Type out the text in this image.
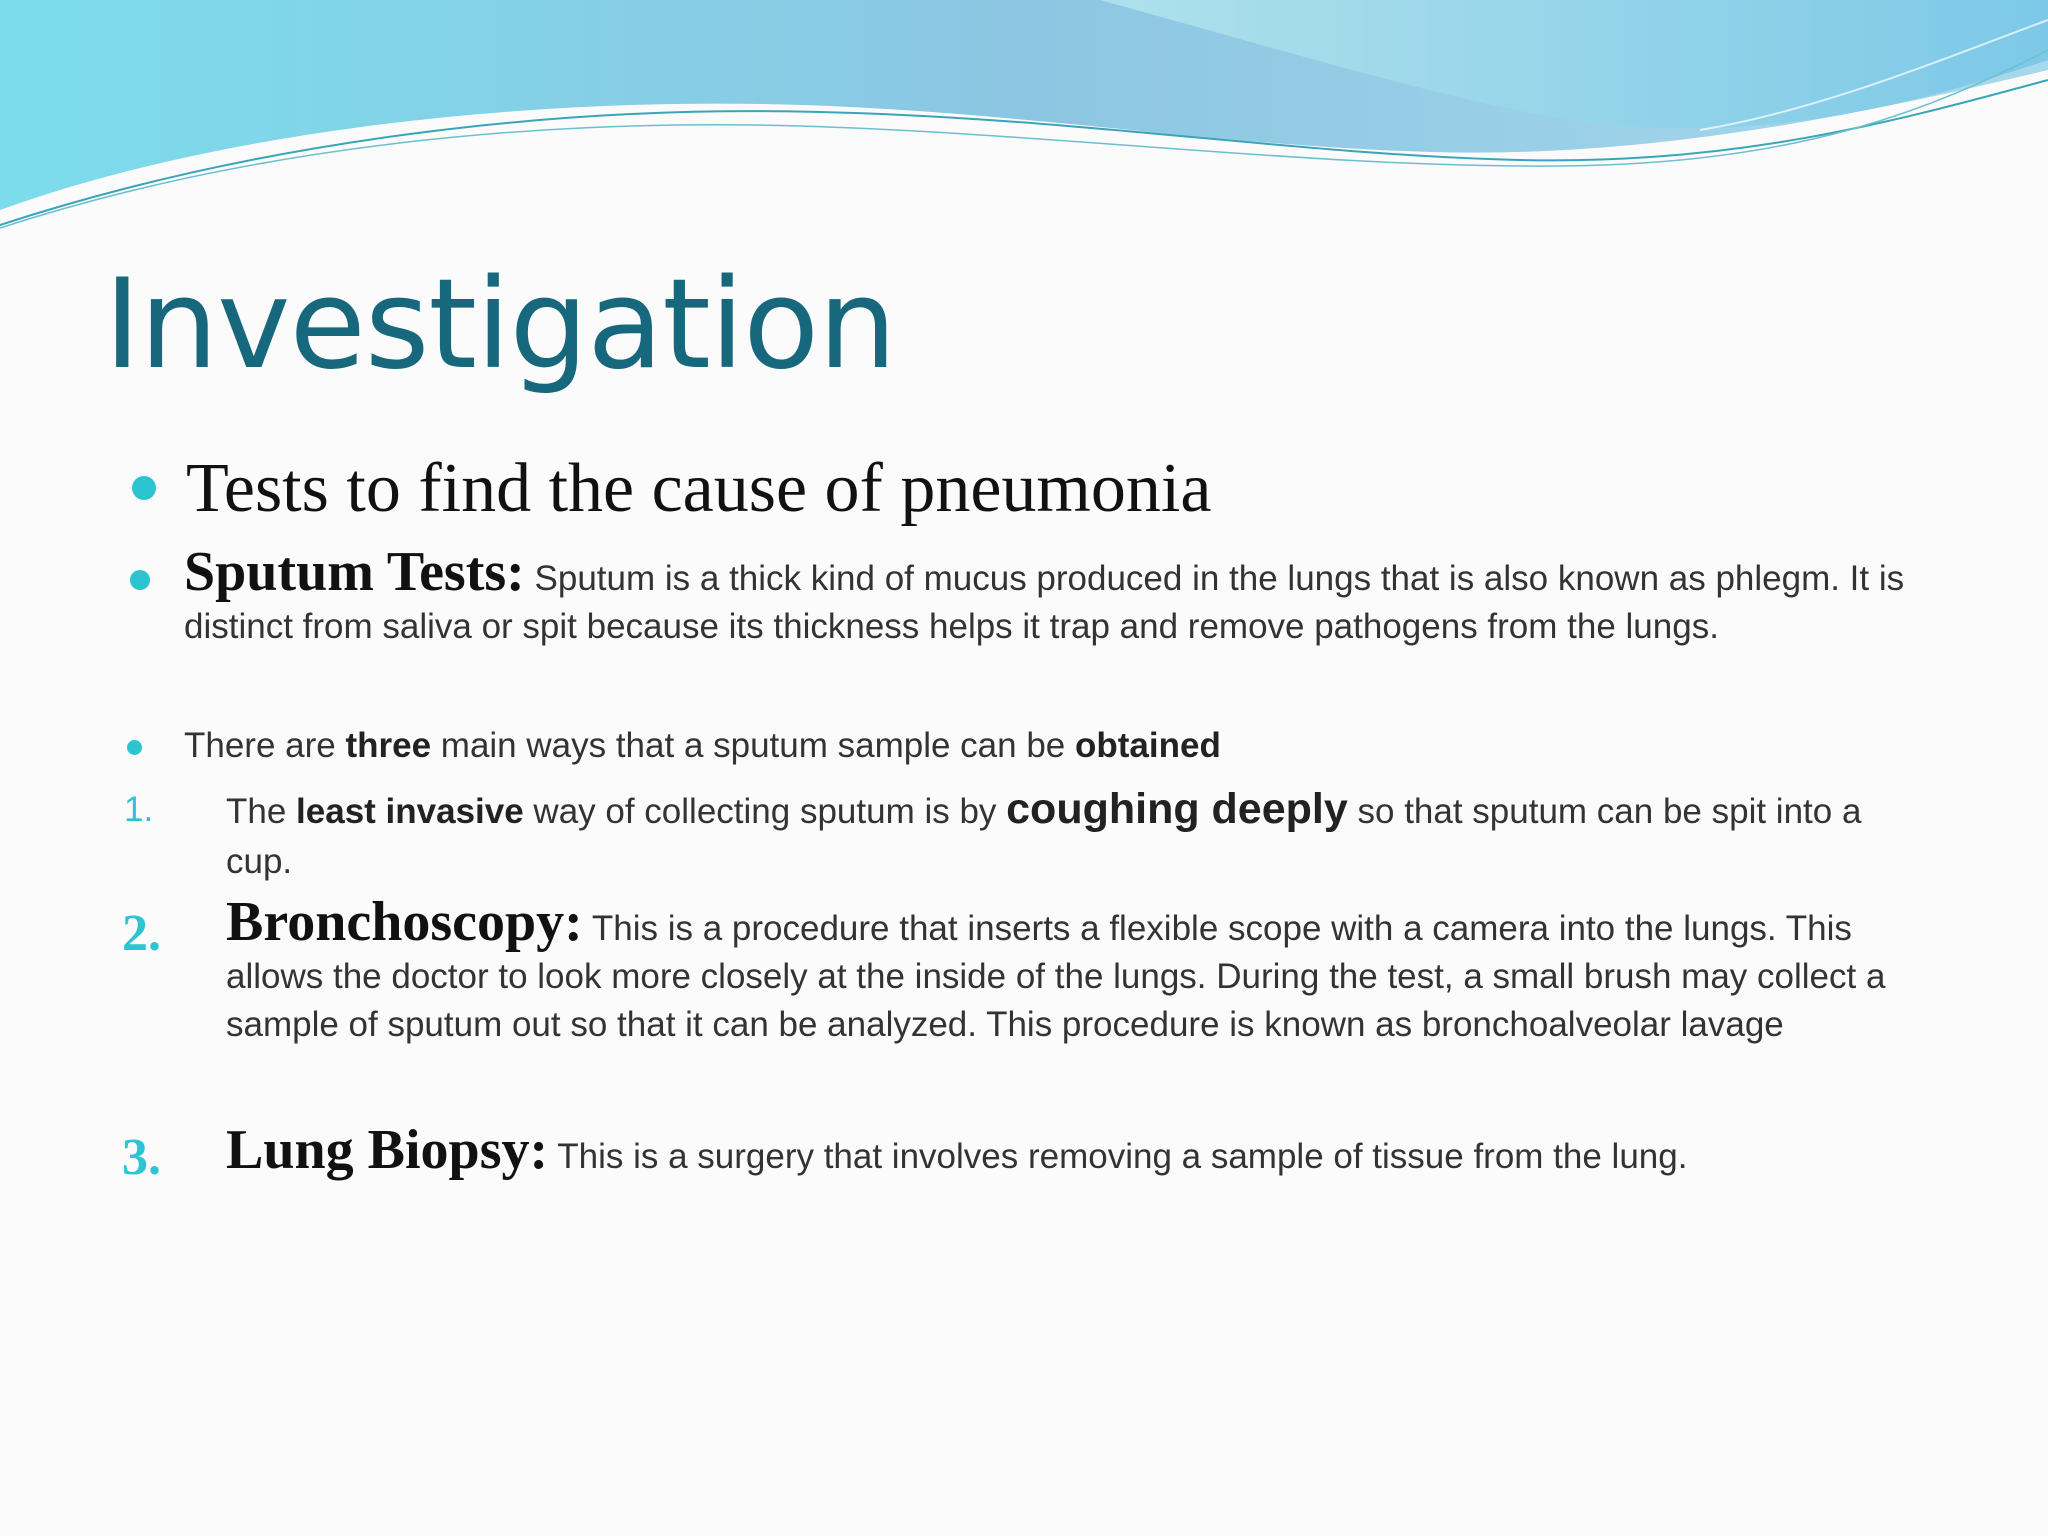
Investigation
Tests to find the cause of pneumonia
Sputum Tests: Sputum is a thick kind of mucus produced in the lungs that is also known as phlegm. It is distinct from saliva or spit because its thickness helps it trap and remove pathogens from the lungs.
There are three main ways that a sputum sample can be obtained
1. The least invasive way of collecting sputum is by coughing deeply so that sputum can be spit into a cup.
2. Bronchoscopy: This is a procedure that inserts a flexible scope with a camera into the lungs. This allows the doctor to look more closely at the inside of the lungs. During the test, a small brush may collect a sample of sputum out so that it can be analyzed. This procedure is known as bronchoalveolar lavage
3. Lung Biopsy: This is a surgery that involves removing a sample of tissue from the lung.
